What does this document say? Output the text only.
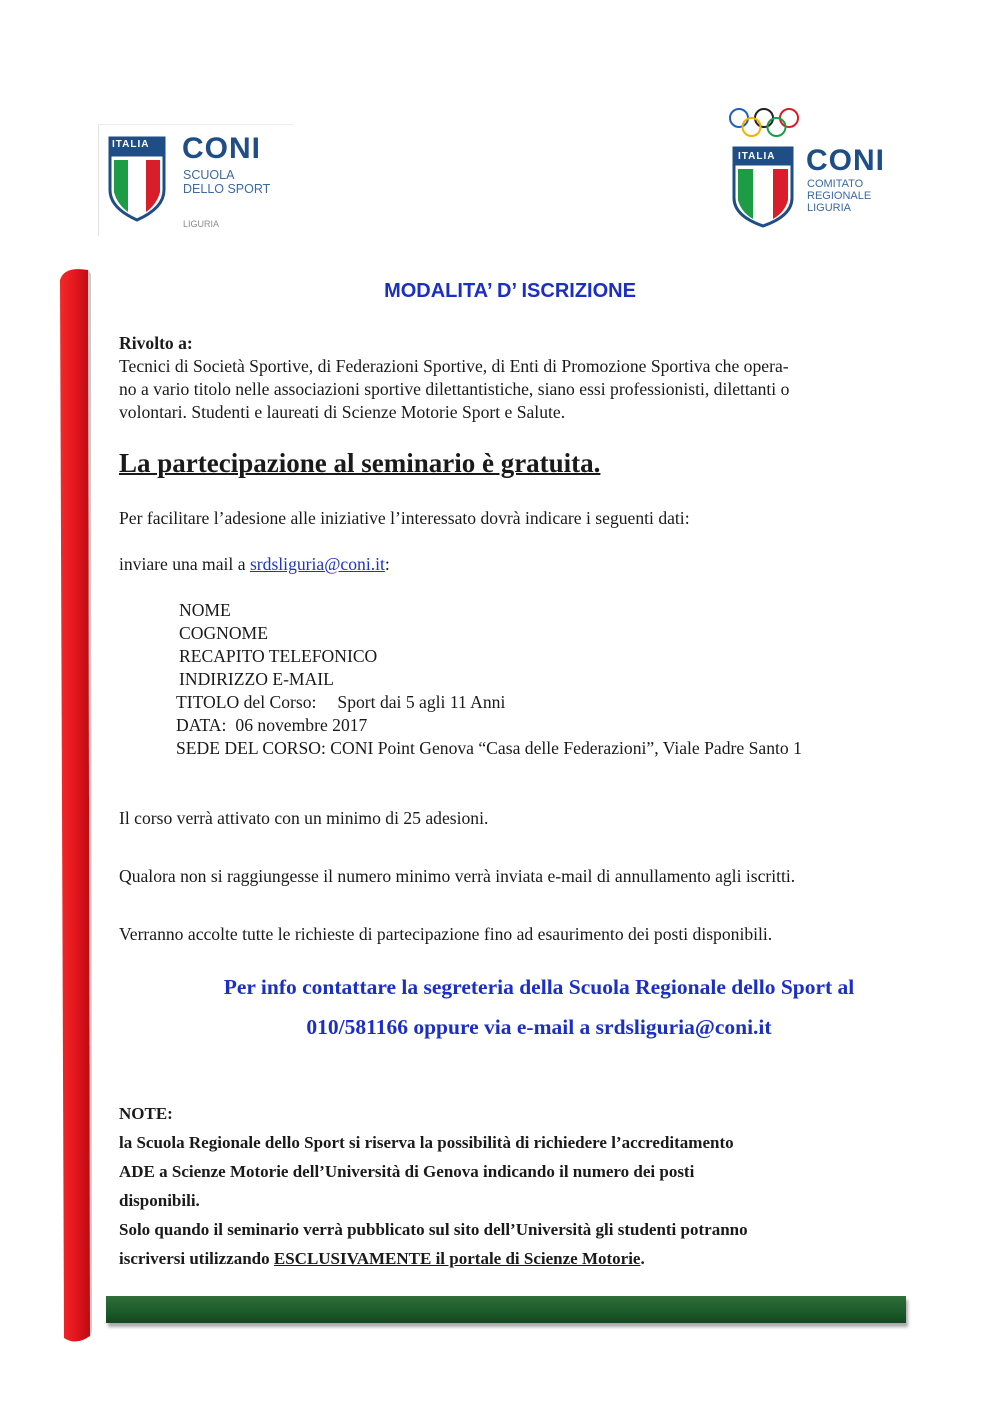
ITALIA CONI
SCUOLA
DELLO SPORT
LIGURIA
ITALIA CONI
COMITATO
REGIONALE
LIGURIA
MODALITA’ D’ ISCRIZIONE
Rivolto a:
Tecnici di Società Sportive, di Federazioni Sportive, di Enti di Promozione Sportiva che opera-
no a vario titolo nelle associazioni sportive dilettantistiche, siano essi professionisti, dilettanti o
volontari. Studenti e laureati di Scienze Motorie Sport e Salute.
La partecipazione al seminario è gratuita.
Per facilitare l’adesione alle iniziative l’interessato dovrà indicare i seguenti dati:
inviare una mail a srdsliguria@coni.it:
NOME
COGNOME
RECAPITO TELEFONICO
INDIRIZZO E-MAIL
TITOLO del Corso: Sport dai 5 agli 11 Anni
DATA: 06 novembre 2017
SEDE DEL CORSO: CONI Point Genova “Casa delle Federazioni”, Viale Padre Santo 1
Il corso verrà attivato con un minimo di 25 adesioni.
Qualora non si raggiungesse il numero minimo verrà inviata e-mail di annullamento agli iscritti.
Verranno accolte tutte le richieste di partecipazione fino ad esaurimento dei posti disponibili.
Per info contattare la segreteria della Scuola Regionale dello Sport al
010/581166 oppure via e-mail a srdsliguria@coni.it
NOTE:
la Scuola Regionale dello Sport si riserva la possibilità di richiedere l’accreditamento
ADE a Scienze Motorie dell’Università di Genova indicando il numero dei posti
disponibili.
Solo quando il seminario verrà pubblicato sul sito dell’Università gli studenti potranno
iscriversi utilizzando ESCLUSIVAMENTE il portale di Scienze Motorie.
